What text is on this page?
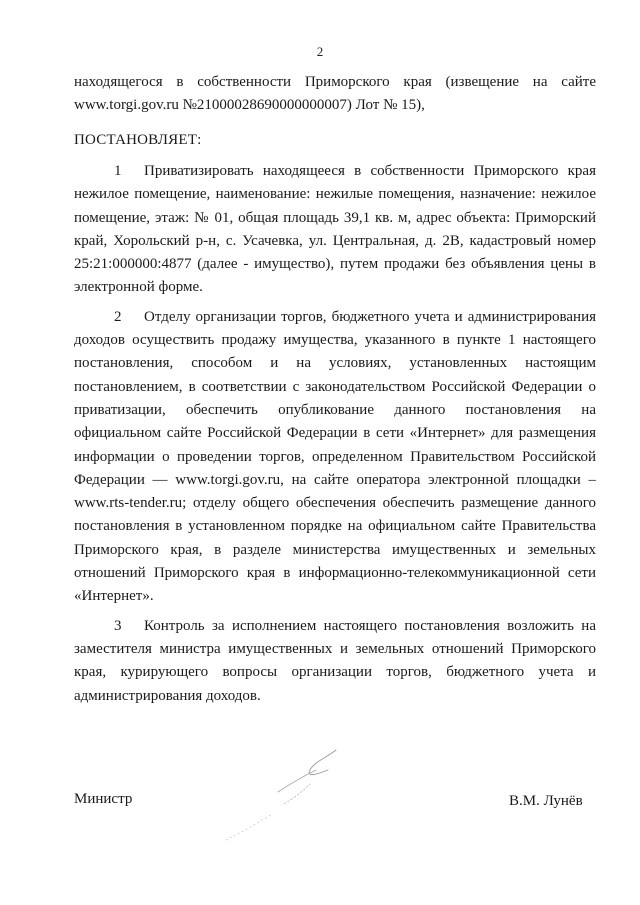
2
находящегося в собственности Приморского края (извещение на сайте www.torgi.gov.ru №21000028690000000007) Лот № 15),
ПОСТАНОВЛЯЕТ:

1 Приватизировать находящееся в собственности Приморского края нежилое помещение, наименование: нежилые помещения, назначение: нежилое помещение, этаж: № 01, общая площадь 39,1 кв. м, адрес объекта: Приморский край, Хорольский р-н, с. Усачевка, ул. Центральная, д. 2В, кадастровый номер 25:21:000000:4877 (далее - имущество), путем продажи без объявления цены в электронной форме.

2 Отделу организации торгов, бюджетного учета и администрирования доходов осуществить продажу имущества, указанного в пункте 1 настоящего постановления, способом и на условиях, установленных настоящим постановлением, в соответствии с законодательством Российской Федерации о приватизации, обеспечить опубликование данного постановления на официальном сайте Российской Федерации в сети «Интернет» для размещения информации о проведении торгов, определенном Правительством Российской Федерации — www.torgi.gov.ru, на сайте оператора электронной площадки – www.rts-tender.ru; отделу общего обеспечения обеспечить размещение данного постановления в установленном порядке на официальном сайте Правительства Приморского края, в разделе министерства имущественных и земельных отношений Приморского края в информационно-телекоммуникационной сети «Интернет».

3 Контроль за исполнением настоящего постановления возложить на заместителя министра имущественных и земельных отношений Приморского края, курирующего вопросы организации торгов, бюджетного учета и администрирования доходов.

Министр	В.М. Лунёв
